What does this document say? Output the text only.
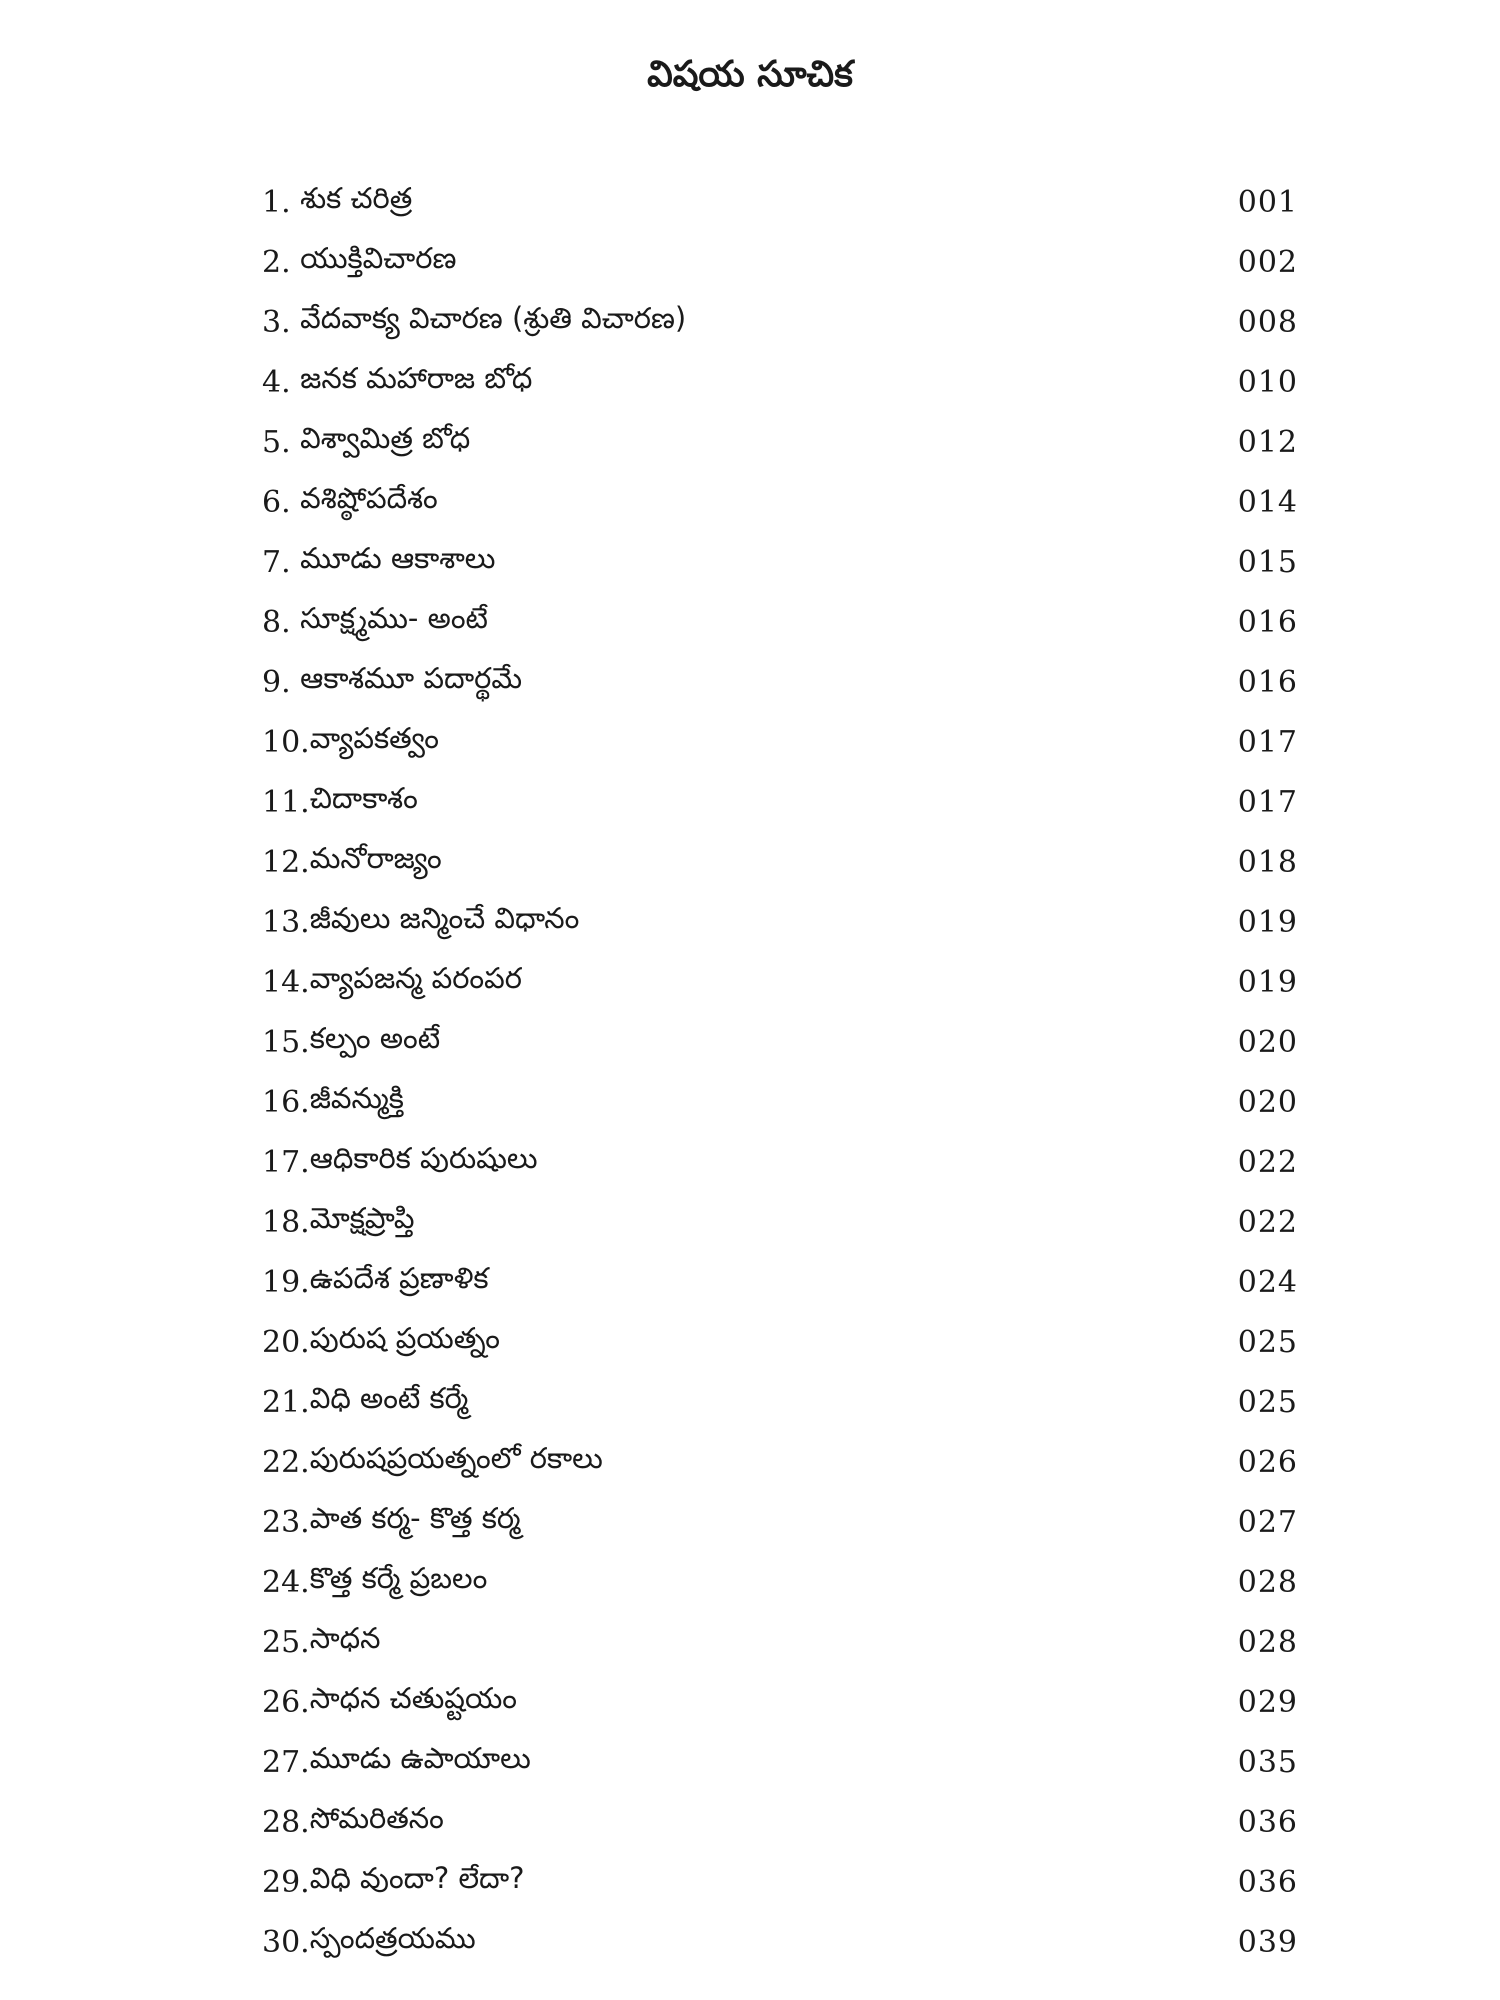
విషయ సూచిక
1. శుక చరిత్ర	001
2. యుక్తివిచారణ	002
3. వేదవాక్య విచారణ (శ్రుతి విచారణ)	008
4. జనక మహారాజ బోధ	010
5. విశ్వామిత్ర బోధ	012
6. వశిష్ఠోపదేశం	014
7. మూడు ఆకాశాలు	015
8. సూక్ష్మము- అంటే	016
9. ఆకాశమూ పదార్థమే	016
10. వ్యాపకత్వం	017
11. చిదాకాశం	017
12. మనోరాజ్యం	018
13. జీవులు జన్మించే విధానం	019
14. వ్యాపజన్మ పరంపర	019
15. కల్పం అంటే	020
16. జీవన్ముక్తి	020
17. ఆధికారిక పురుషులు	022
18. మోక్షప్రాప్తి	022
19. ఉపదేశ ప్రణాళిక	024
20. పురుష ప్రయత్నం	025
21. విధి అంటే కర్మే	025
22. పురుషప్రయత్నంలో రకాలు	026
23. పాత కర్మ- కొత్త కర్మ	027
24. కొత్త కర్మే ప్రబలం	028
25. సాధన	028
26. సాధన చతుష్టయం	029
27. మూడు ఉపాయాలు	035
28. సోమరితనం	036
29. విధి వుందా? లేదా?	036
30. స్పందత్రయము	039
